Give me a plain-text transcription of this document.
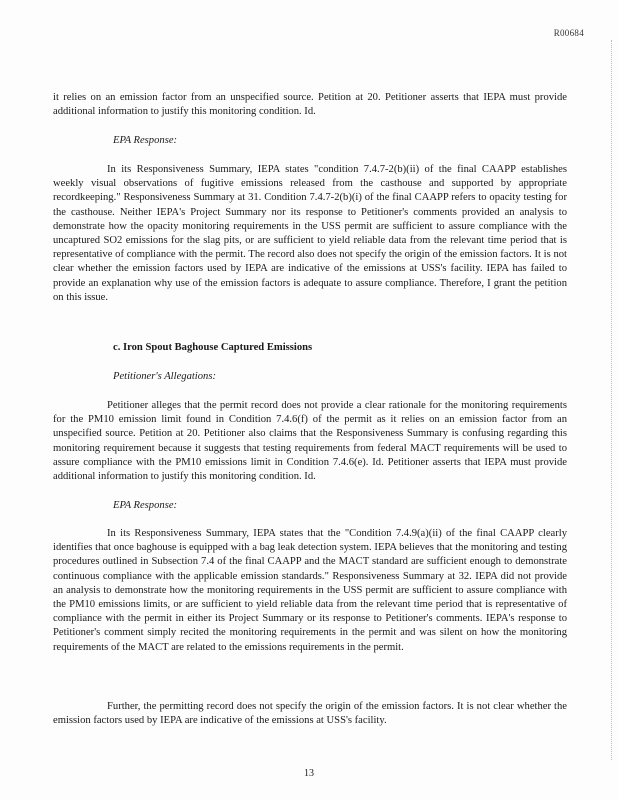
R00684

it relies on an emission factor from an unspecified source. Petition at 20. Petitioner asserts that IEPA must provide additional information to justify this monitoring condition. Id.

EPA Response:

In its Responsiveness Summary, IEPA states "condition 7.4.7-2(b)(ii) of the final CAAPP establishes weekly visual observations of fugitive emissions released from the casthouse and supported by appropriate recordkeeping." Responsiveness Summary at 31. Condition 7.4.7-2(b)(i) of the final CAAPP refers to opacity testing for the casthouse. Neither IEPA's Project Summary nor its response to Petitioner's comments provided an analysis to demonstrate how the opacity monitoring requirements in the USS permit are sufficient to assure compliance with the uncaptured SO2 emissions for the slag pits, or are sufficient to yield reliable data from the relevant time period that is representative of compliance with the permit. The record also does not specify the origin of the emission factors. It is not clear whether the emission factors used by IEPA are indicative of the emissions at USS's facility. IEPA has failed to provide an explanation why use of the emission factors is adequate to assure compliance. Therefore, I grant the petition on this issue.

c. Iron Spout Baghouse Captured Emissions

Petitioner's Allegations:

Petitioner alleges that the permit record does not provide a clear rationale for the monitoring requirements for the PM10 emission limit found in Condition 7.4.6(f) of the permit as it relies on an emission factor from an unspecified source. Petition at 20. Petitioner also claims that the Responsiveness Summary is confusing regarding this monitoring requirement because it suggests that testing requirements from federal MACT requirements will be used to assure compliance with the PM10 emissions limit in Condition 7.4.6(e). Id. Petitioner asserts that IEPA must provide additional information to justify this monitoring condition. Id.

EPA Response:

In its Responsiveness Summary, IEPA states that the "Condition 7.4.9(a)(ii) of the final CAAPP clearly identifies that once baghouse is equipped with a bag leak detection system. IEPA believes that the monitoring and testing procedures outlined in Subsection 7.4 of the final CAAPP and the MACT standard are sufficient enough to demonstrate continuous compliance with the applicable emission standards." Responsiveness Summary at 32. IEPA did not provide an analysis to demonstrate how the monitoring requirements in the USS permit are sufficient to assure compliance with the PM10 emissions limits, or are sufficient to yield reliable data from the relevant time period that is representative of compliance with the permit in either its Project Summary or its response to Petitioner's comments. IEPA's response to Petitioner's comment simply recited the monitoring requirements in the permit and was silent on how the monitoring requirements of the MACT are related to the emissions requirements in the permit.

Further, the permitting record does not specify the origin of the emission factors. It is not clear whether the emission factors used by IEPA are indicative of the emissions at USS's facility.

13
